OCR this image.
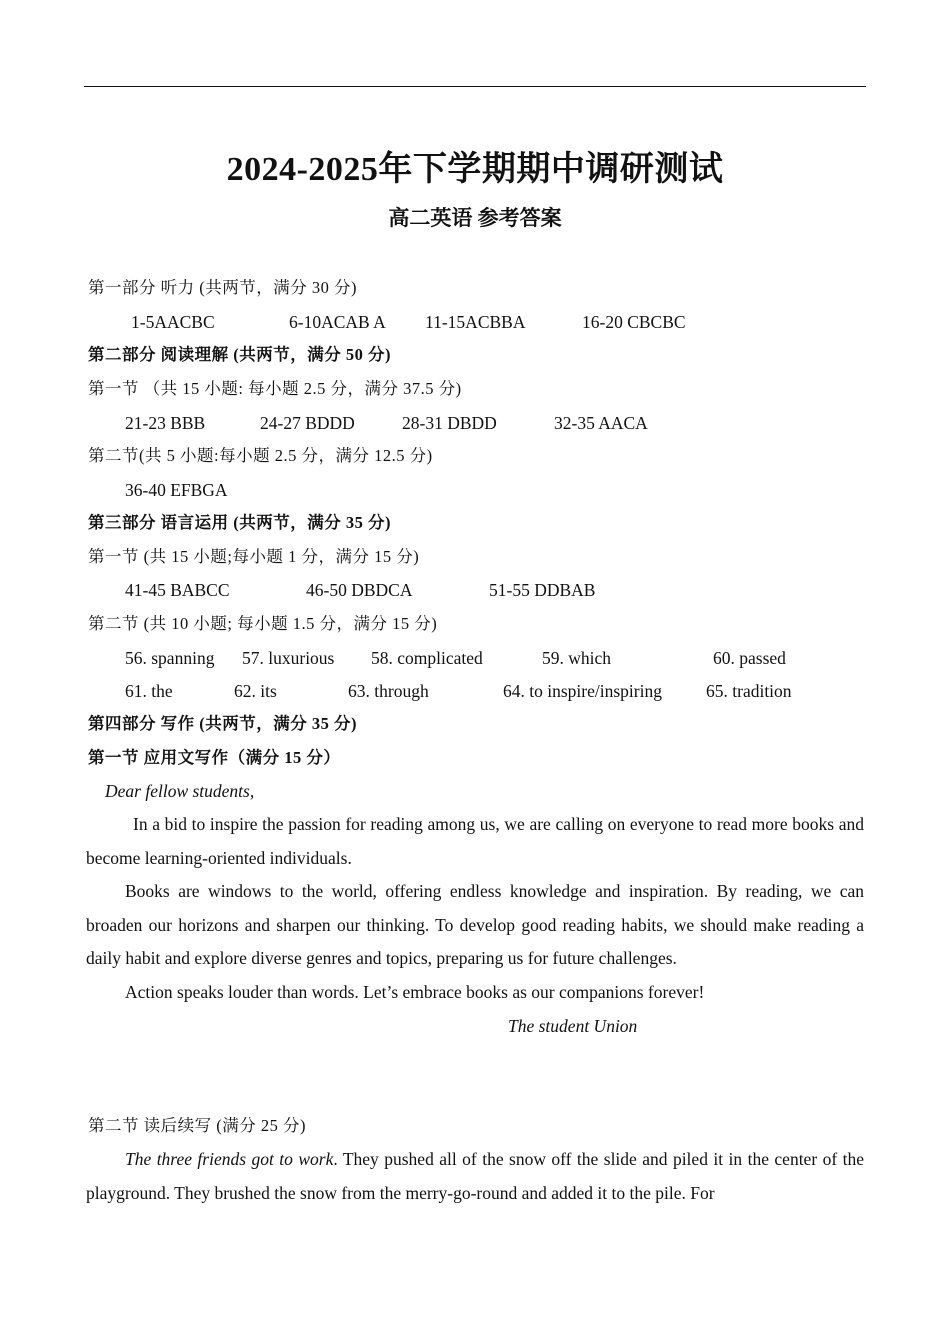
2024-2025年下学期期中调研测试
高二英语 参考答案
第一部分 听力 (共两节，满分 30 分)
1-5AACBC	6-10ACAB A 11-15ACBBA	16-20 CBCBC
第二部分 阅读理解 (共两节，满分 50 分)
第一节 （共 15 小题: 每小题 2.5 分，满分 37.5 分)
21-23 BBB	24-27 BDDD	28-31 DBDD	32-35 AACA
第二节(共 5 小题:每小题 2.5 分，满分 12.5 分)
36-40 EFBGA
第三部分 语言运用 (共两节，满分 35 分)
第一节 (共 15 小题;每小题 1 分，满分 15 分)
41-45 BABCC	46-50 DBDCA	51-55 DDBAB
第二节 (共 10 小题; 每小题 1.5 分，满分 15 分)
56. spanning 57. luxurious 58. complicated	59. which	60. passed
61. the	62. its	63. through	64. to inspire/inspiring	65. tradition
第四部分 写作 (共两节，满分 35 分)
第一节 应用文写作（满分 15 分）
Dear fellow students,
In a bid to inspire the passion for reading among us, we are calling on everyone to read more books and become learning-oriented individuals.
Books are windows to the world, offering endless knowledge and inspiration. By reading, we can broaden our horizons and sharpen our thinking. To develop good reading habits, we should make reading a daily habit and explore diverse genres and topics, preparing us for future challenges.
Action speaks louder than words. Let’s embrace books as our companions forever!
The student Union
第二节 读后续写 (满分 25 分)
The three friends got to work. They pushed all of the snow off the slide and piled it in the center of the playground. They brushed the snow from the merry-go-round and added it to the pile. For
